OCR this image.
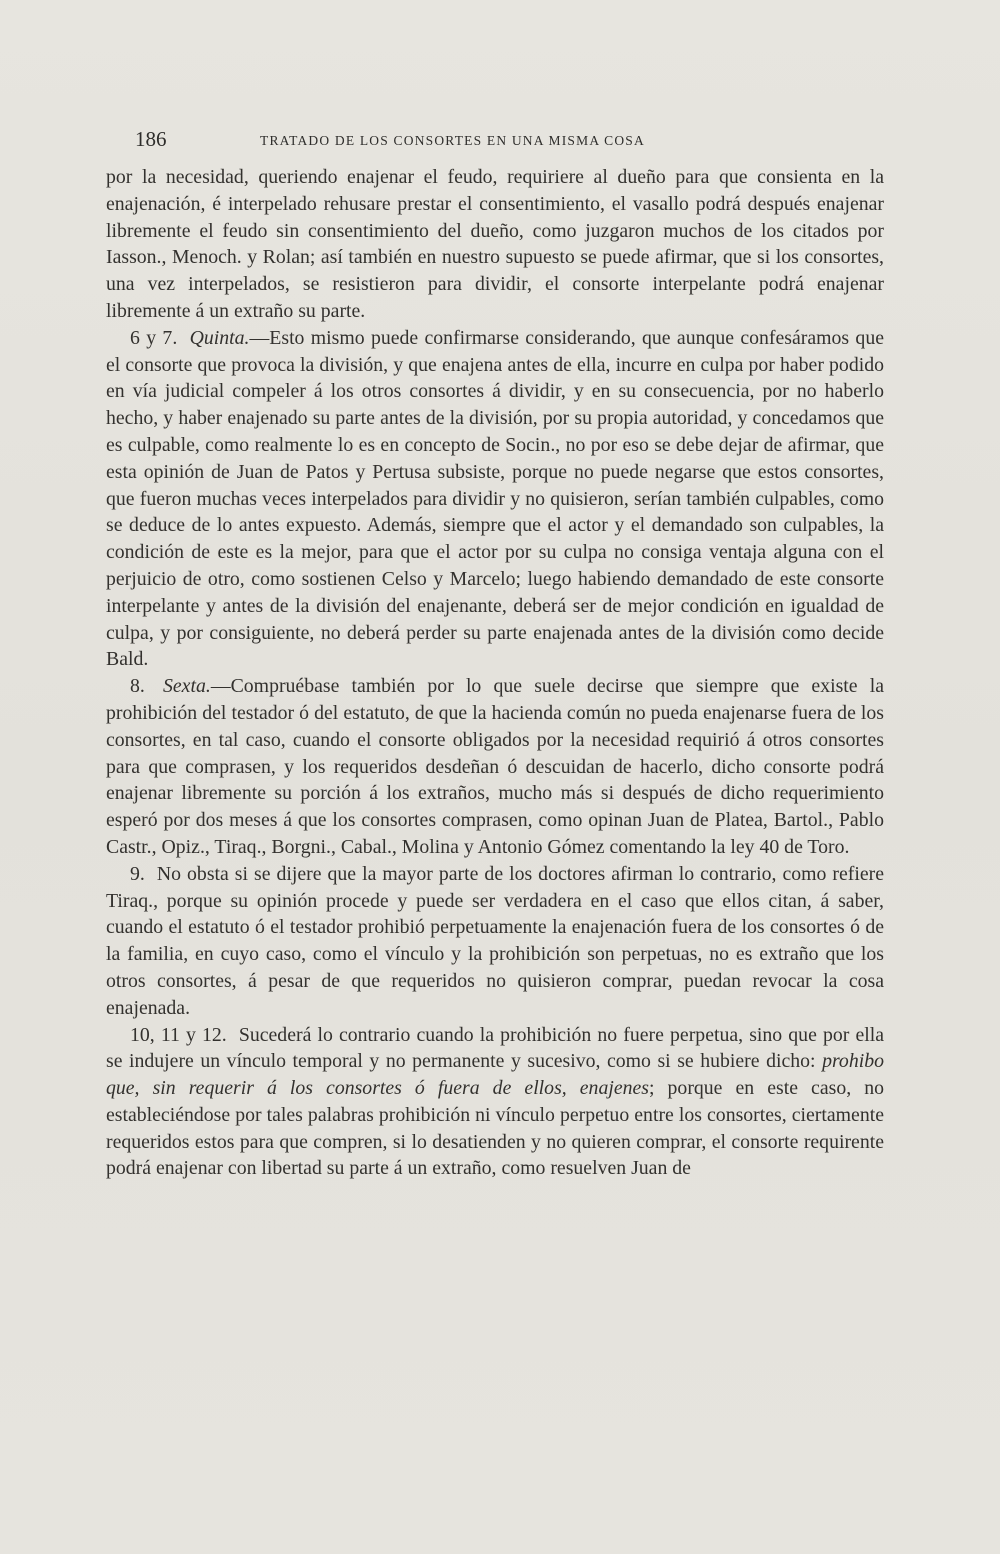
186	TRATADO DE LOS CONSORTES EN UNA MISMA COSA

por la necesidad, queriendo enajenar el feudo, requiriere al dueño para que consienta en la enajenación, é interpelado rehusare prestar el consentimiento, el vasallo podrá después enajenar libremente el feudo sin consentimiento del dueño, como juzgaron muchos de los citados por Iasson., Menoch. y Rolan; así también en nuestro supuesto se puede afirmar, que si los consortes, una vez interpelados, se resistieron para dividir, el consorte interpelante podrá enajenar libremente á un extraño su parte.

6 y 7. Quinta.—Esto mismo puede confirmarse considerando, que aunque confesáramos que el consorte que provoca la división, y que enajena antes de ella, incurre en culpa por haber podido en vía judicial compeler á los otros consortes á dividir, y en su consecuencia, por no haberlo hecho, y haber enajenado su parte antes de la división, por su propia autoridad, y concedamos que es culpable, como realmente lo es en concepto de Socin., no por eso se debe dejar de afirmar, que esta opinión de Juan de Patos y Pertusa subsiste, porque no puede negarse que estos consortes, que fueron muchas veces interpelados para dividir y no quisieron, serían también culpables, como se deduce de lo antes expuesto. Además, siempre que el actor y el demandado son culpables, la condición de este es la mejor, para que el actor por su culpa no consiga ventaja alguna con el perjuicio de otro, como sostienen Celso y Marcelo; luego habiendo demandado de este consorte interpelante y antes de la división del enajenante, deberá ser de mejor condición en igualdad de culpa, y por consiguiente, no deberá perder su parte enajenada antes de la división como decide Bald.

8. Sexta.—Compruébase también por lo que suele decirse que siempre que existe la prohibición del testador ó del estatuto, de que la hacienda común no pueda enajenarse fuera de los consortes, en tal caso, cuando el consorte obligados por la necesidad requirió á otros consortes para que comprasen, y los requeridos desdeñan ó descuidan de hacerlo, dicho consorte podrá enajenar libremente su porción á los extraños, mucho más si después de dicho requerimiento esperó por dos meses á que los consortes comprasen, como opinan Juan de Platea, Bartol., Pablo Castr., Opiz., Tiraq., Borgni., Cabal., Molina y Antonio Gómez comentando la ley 40 de Toro.

9. No obsta si se dijere que la mayor parte de los doctores afirman lo contrario, como refiere Tiraq., porque su opinión procede y puede ser verdadera en el caso que ellos citan, á saber, cuando el estatuto ó el testador prohibió perpetuamente la enajenación fuera de los consortes ó de la familia, en cuyo caso, como el vínculo y la prohibición son perpetuas, no es extraño que los otros consortes, á pesar de que requeridos no quisieron comprar, puedan revocar la cosa enajenada.

10, 11 y 12. Sucederá lo contrario cuando la prohibición no fuere perpetua, sino que por ella se indujere un vínculo temporal y no permanente y sucesivo, como si se hubiere dicho: prohibo que, sin requerir á los consortes ó fuera de ellos, enajenes; porque en este caso, no estableciéndose por tales palabras prohibición ni vínculo perpetuo entre los consortes, ciertamente requeridos estos para que compren, si lo desatienden y no quieren comprar, el consorte requirente podrá enajenar con libertad su parte á un extraño, como resuelven Juan de
